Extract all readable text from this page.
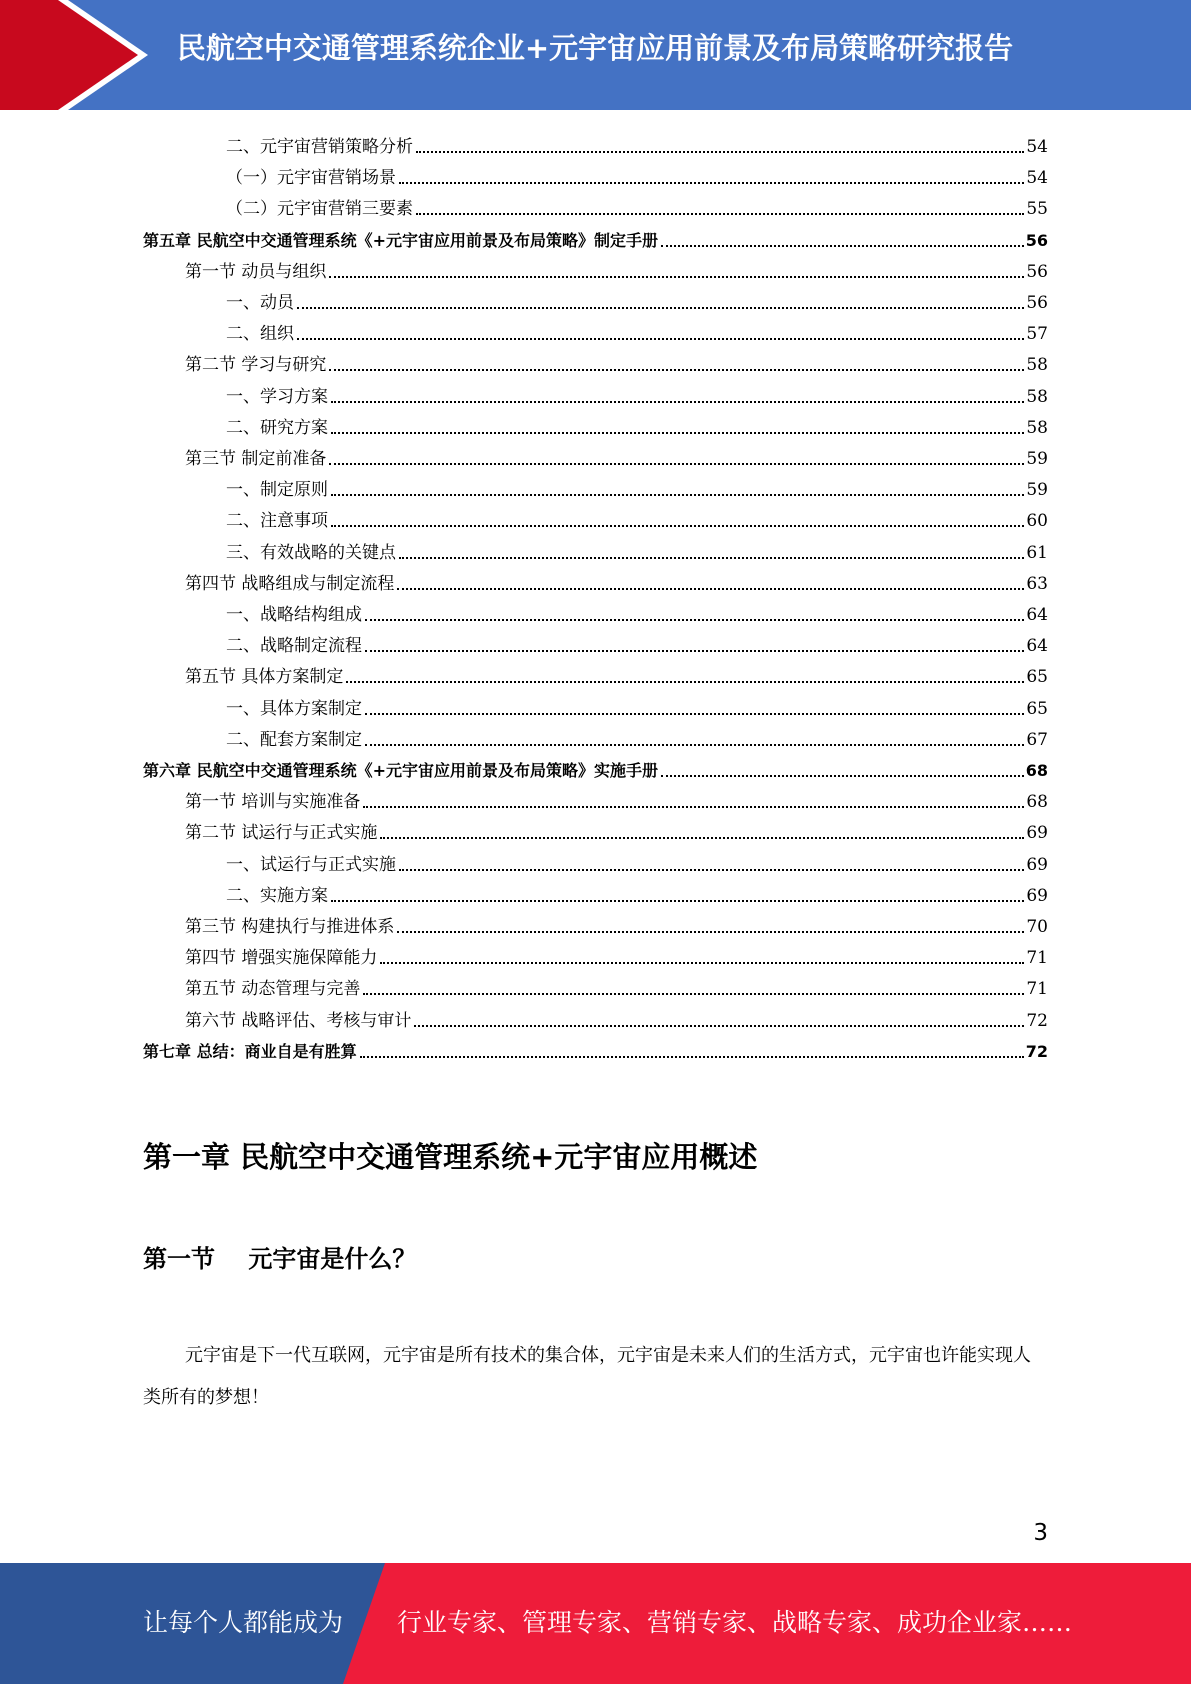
民航空中交通管理系统企业+元宇宙应用前景及布局策略研究报告
二、元宇宙营销策略分析	54
（一）元宇宙营销场景	54
（二）元宇宙营销三要素	55
第五章 民航空中交通管理系统《+元宇宙应用前景及布局策略》制定手册	56
第一节 动员与组织	56
一、动员	56
二、组织	57
第二节 学习与研究	58
一、学习方案	58
二、研究方案	58
第三节 制定前准备	59
一、制定原则	59
二、注意事项	60
三、有效战略的关键点	61
第四节 战略组成与制定流程	63
一、战略结构组成	64
二、战略制定流程	64
第五节 具体方案制定	65
一、具体方案制定	65
二、配套方案制定	67
第六章 民航空中交通管理系统《+元宇宙应用前景及布局策略》实施手册	68
第一节 培训与实施准备	68
第二节 试运行与正式实施	69
一、试运行与正式实施	69
二、实施方案	69
第三节 构建执行与推进体系	70
第四节 增强实施保障能力	71
第五节 动态管理与完善	71
第六节 战略评估、考核与审计	72
第七章 总结：商业自是有胜算	72
第一章 民航空中交通管理系统+元宇宙应用概述
第一节    元宇宙是什么？
元宇宙是下一代互联网，元宇宙是所有技术的集合体，元宇宙是未来人们的生活方式，元宇宙也许能实现人类所有的梦想！
3
让每个人都能成为 行业专家、管理专家、营销专家、战略专家、成功企业家……
